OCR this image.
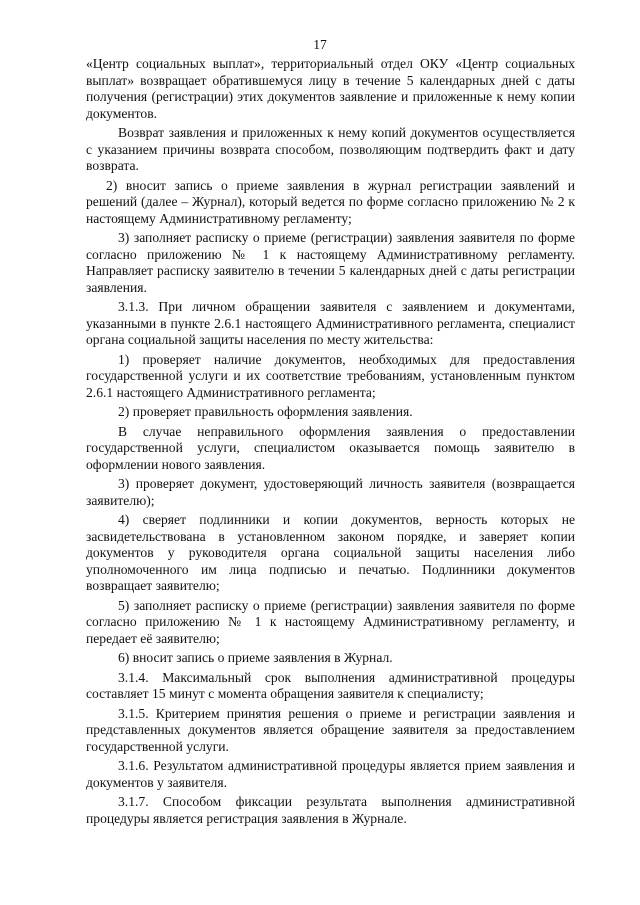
17

«Центр социальных выплат», территориальный отдел ОКУ «Центр социальных выплат» возвращает обратившемуся лицу в течение 5 календарных дней с даты получения (регистрации) этих документов заявление и приложенные к нему копии документов.

Возврат заявления и приложенных к нему копий документов осуществляется с указанием причины возврата способом, позволяющим подтвердить факт и дату возврата.

2) вносит запись о приеме заявления в журнал регистрации заявлений и решений (далее – Журнал), который ведется по форме согласно приложению № 2 к настоящему Административному регламенту;

3) заполняет расписку о приеме (регистрации) заявления заявителя по форме согласно приложению № 1 к настоящему Административному регламенту. Направляет расписку заявителю в течении 5 календарных дней с даты регистрации заявления.

3.1.3. При личном обращении заявителя с заявлением и документами, указанными в пункте 2.6.1 настоящего Административного регламента, специалист органа социальной защиты населения по месту жительства:

1) проверяет наличие документов, необходимых для предоставления государственной услуги и их соответствие требованиям, установленным пунктом 2.6.1 настоящего Административного регламента;

2) проверяет правильность оформления заявления.

В случае неправильного оформления заявления о предоставлении государственной услуги, специалистом оказывается помощь заявителю в оформлении нового заявления.

3) проверяет документ, удостоверяющий личность заявителя (возвращается заявителю);

4) сверяет подлинники и копии документов, верность которых не засвидетельствована в установленном законом порядке, и заверяет копии документов у руководителя органа социальной защиты населения либо уполномоченного им лица подписью и печатью. Подлинники документов возвращает заявителю;

5) заполняет расписку о приеме (регистрации) заявления заявителя по форме согласно приложению № 1 к настоящему Административному регламенту, и передает её заявителю;

6) вносит запись о приеме заявления в Журнал.

3.1.4. Максимальный срок выполнения административной процедуры составляет 15 минут с момента обращения заявителя к специалисту;

3.1.5. Критерием принятия решения о приеме и регистрации заявления и представленных документов является обращение заявителя за предоставлением государственной услуги.

3.1.6. Результатом административной процедуры является прием заявления и документов у заявителя.

3.1.7. Способом фиксации результата выполнения административной процедуры является регистрация заявления в Журнале.
